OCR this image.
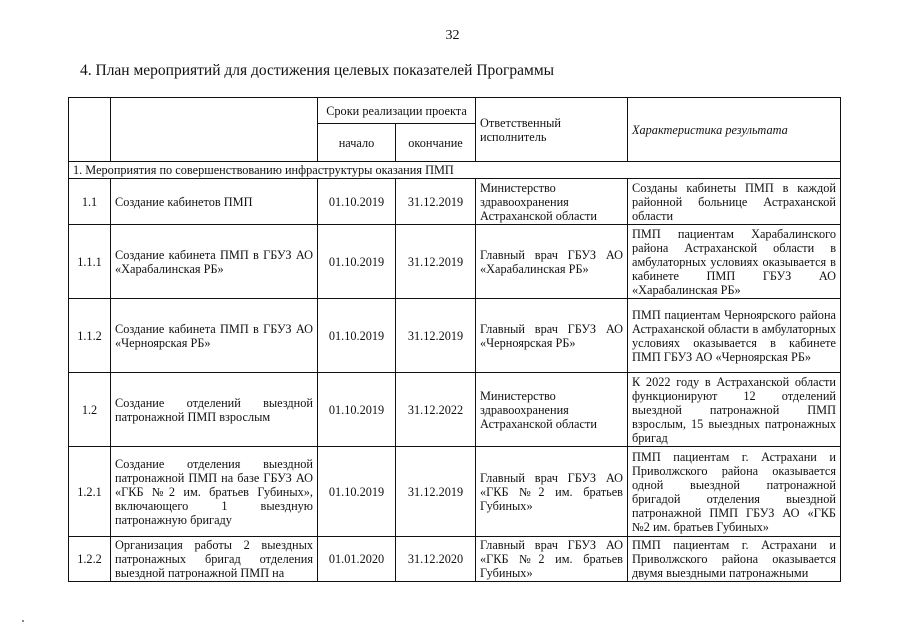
32
4. План мероприятий для достижения целевых показателей Программы
		Сроки реализации проекта		Ответственный исполнитель	Характеристика результата
		начало	окончание		
1. Мероприятия по совершенствованию инфраструктуры оказания ПМП					
1.1	Создание кабинетов ПМП	01.10.2019	31.12.2019	Министерство здравоохранения Астраханской области	Созданы кабинеты ПМП в каждой районной больнице Астраханской области
1.1.1	Создание кабинета ПМП в ГБУЗ АО «Харабалинская РБ»	01.10.2019	31.12.2019	Главный врач ГБУЗ АО «Харабалинская РБ»	ПМП пациентам Харабалинского района Астраханской области в амбулаторных условиях оказывается в кабинете ПМП ГБУЗ АО «Харабалинская РБ»
1.1.2	Создание кабинета ПМП в ГБУЗ АО «Черноярская РБ»	01.10.2019	31.12.2019	Главный врач ГБУЗ АО «Черноярская РБ»	ПМП пациентам Черноярского района Астраханской области в амбулаторных условиях оказывается в кабинете ПМП ГБУЗ АО «Черноярская РБ»
1.2	Создание отделений выездной патронажной ПМП взрослым	01.10.2019	31.12.2022	Министерство здравоохранения Астраханской области	К 2022 году в Астраханской области функционируют 12 отделений выездной патронажной ПМП взрослым, 15 выездных патронажных бригад
1.2.1	Создание отделения выездной патронажной ПМП на базе ГБУЗ АО «ГКБ №2 им. братьев Губиных», включающего 1 выездную патронажную бригаду	01.10.2019	31.12.2019	Главный врач ГБУЗ АО «ГКБ №2 им. братьев Губиных»	ПМП пациентам г. Астрахани и Приволжского района оказывается одной выездной патронажной бригадой отделения выездной патронажной ПМП ГБУЗ АО «ГКБ №2 им. братьев Губиных»
1.2.2	Организация работы 2 выездных патронажных бригад отделения выездной патронажной ПМП на	01.01.2020	31.12.2020	Главный врач ГБУЗ АО «ГКБ №2 им. братьев Губиных»	ПМП пациентам г. Астрахани и Приволжского района оказывается двумя выездными патронажными
